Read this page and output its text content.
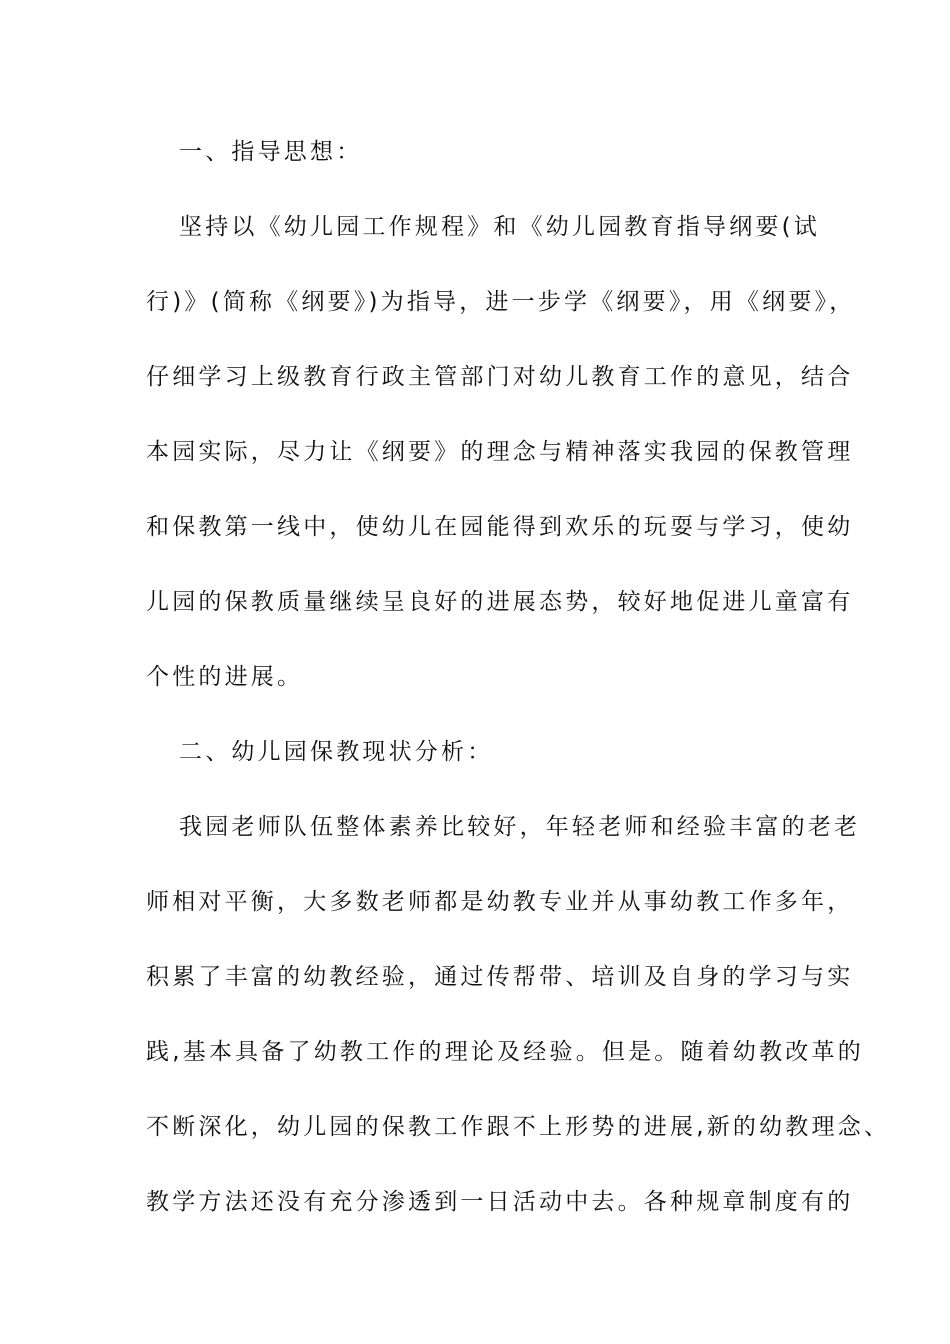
一、指导思想：
坚持以《幼儿园工作规程》和《幼儿园教育指导纲要(试
行)》(简称《纲要》)为指导，进一步学《纲要》，用《纲要》，
仔细学习上级教育行政主管部门对幼儿教育工作的意见，结合
本园实际，尽力让《纲要》的理念与精神落实我园的保教管理
和保教第一线中，使幼儿在园能得到欢乐的玩耍与学习，使幼
儿园的保教质量继续呈良好的进展态势，较好地促进儿童富有
个性的进展。
二、幼儿园保教现状分析：
我园老师队伍整体素养比较好，年轻老师和经验丰富的老老
师相对平衡，大多数老师都是幼教专业并从事幼教工作多年，
积累了丰富的幼教经验，通过传帮带、培训及自身的学习与实
践,基本具备了幼教工作的理论及经验。但是。随着幼教改革的
不断深化，幼儿园的保教工作跟不上形势的进展,新的幼教理念、
教学方法还没有充分渗透到一日活动中去。各种规章制度有的
